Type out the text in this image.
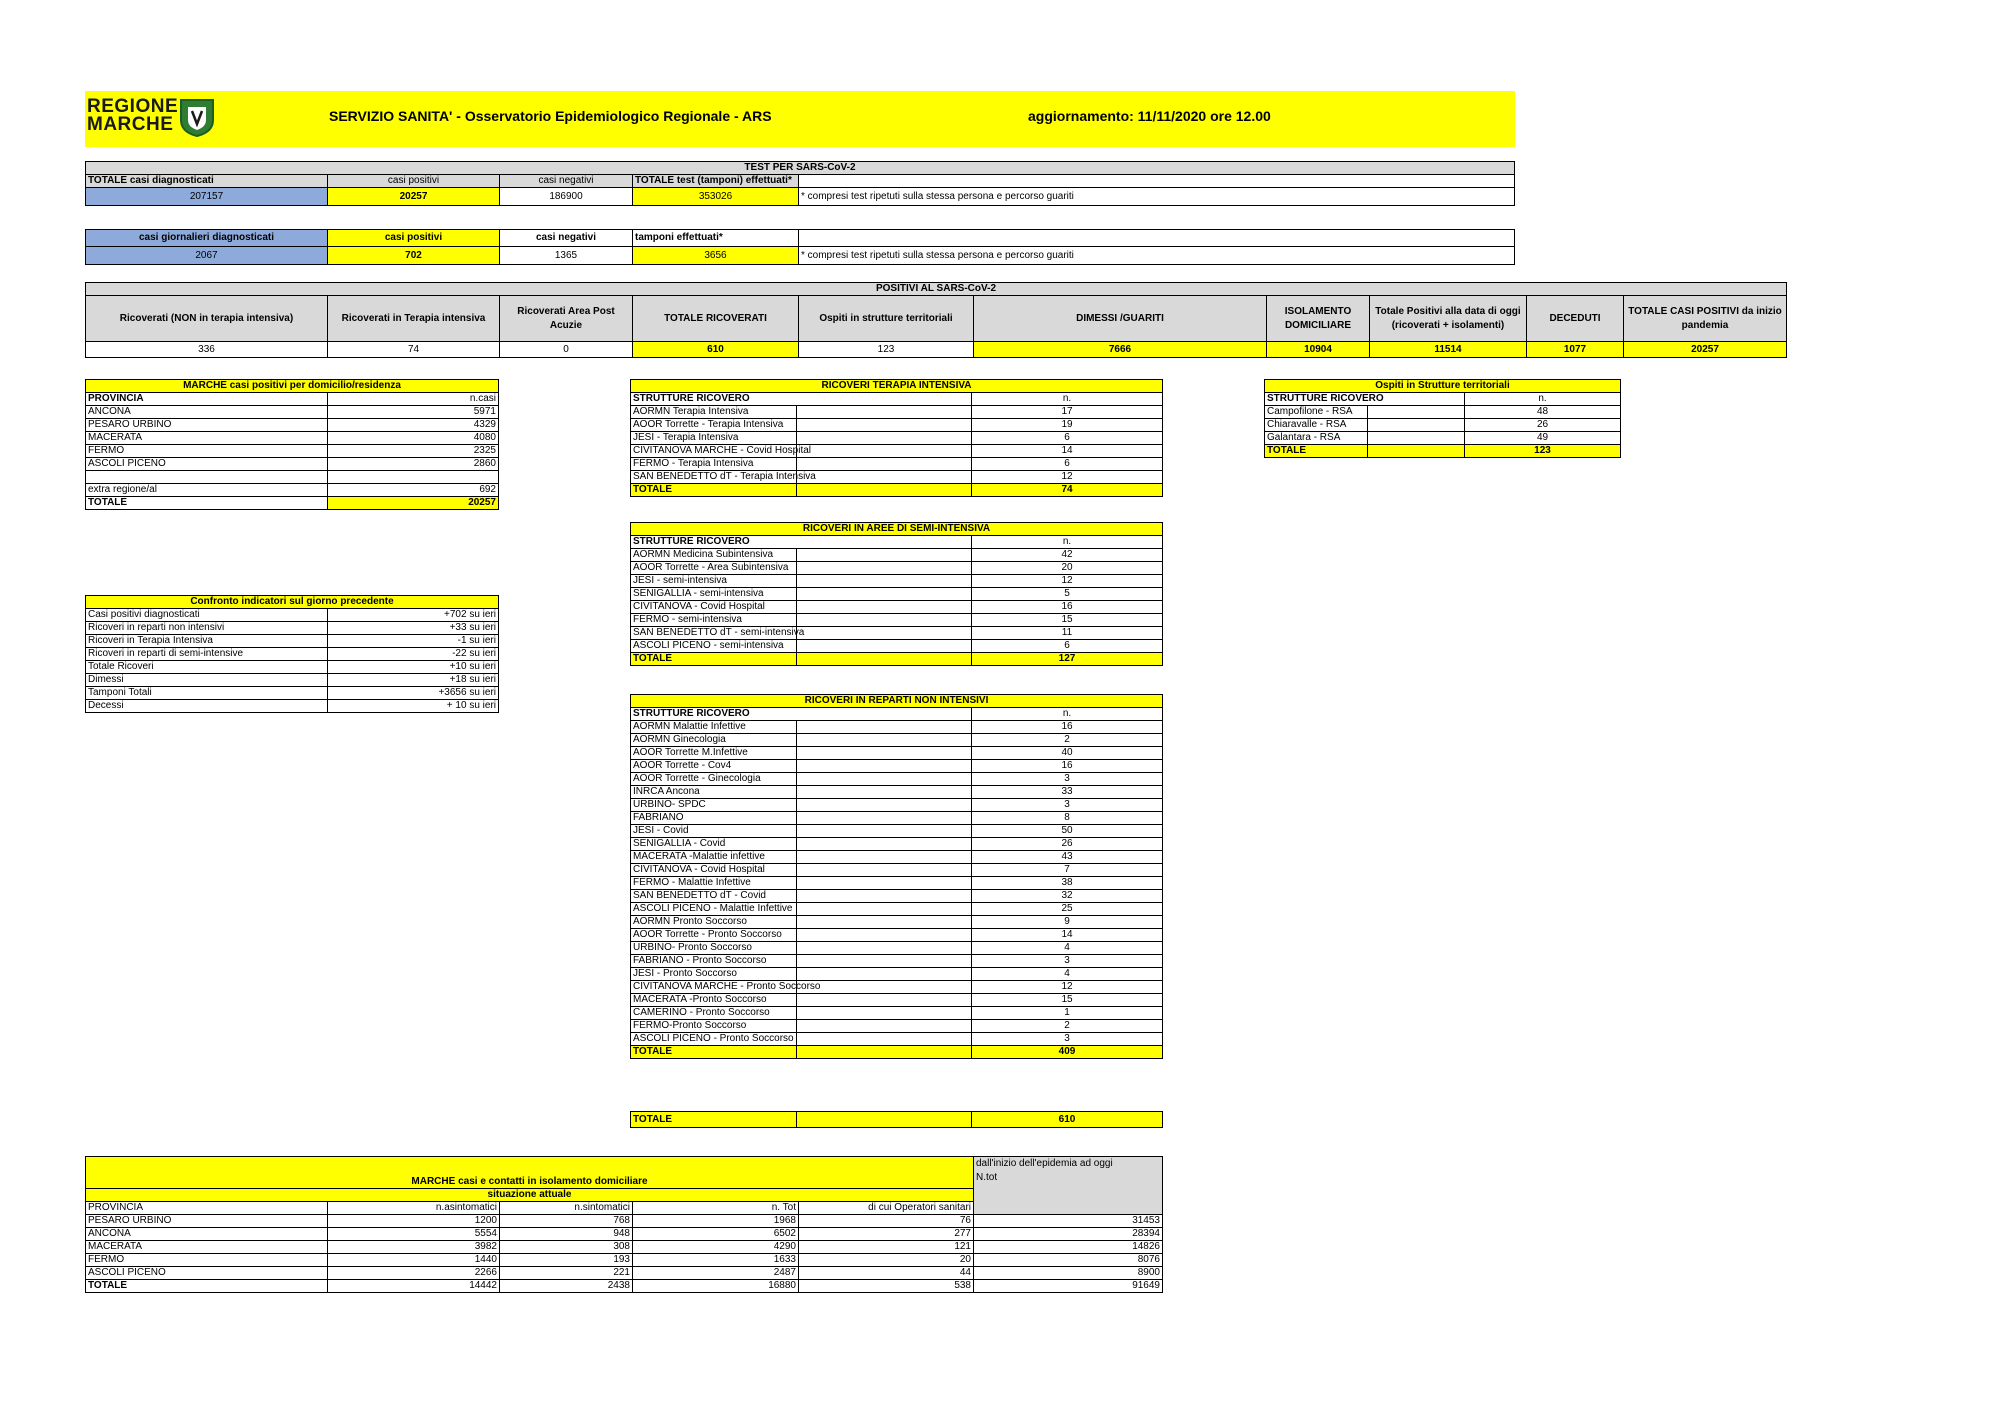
REGIONE
MARCHE	SERVIZIO SANITA' - Osservatorio Epidemiologico Regionale - ARS	aggiornamento: 11/11/2020 ore 12.00
TEST PER SARS-CoV-2				
TOTALE casi diagnosticati	casi positivi	casi negativi	TOTALE test (tamponi) effettuati*	
207157	20257	186900	353026	* compresi test ripetuti sulla stessa persona e percorso guariti
casi giornalieri diagnosticati	casi positivi	casi negativi	tamponi effettuati*	
2067	702	1365	3656	* compresi test ripetuti sulla stessa persona e percorso guariti
POSITIVI AL SARS-CoV-2									
Ricoverati (NON in terapia intensiva)	Ricoverati in Terapia intensiva	Ricoverati Area Post Acuzie	TOTALE RICOVERATI	Ospiti in strutture territoriali	DIMESSI /GUARITI	ISOLAMENTO DOMICILIARE	Totale Positivi alla data di oggi (ricoverati + isolamenti)	DECEDUTI	TOTALE CASI POSITIVI da inizio pandemia
336	74	0	610	123	7666	10904	11514	1077	20257
MARCHE casi positivi per domicilio/residenza	
PROVINCIA	n.casi
ANCONA	5971
PESARO URBINO	4329
MACERATA	4080
FERMO	2325
ASCOLI PICENO	2860

extra regione/al	692
TOTALE	20257
Confronto indicatori sul giorno precedente	
Casi positivi diagnosticati	+702 su ieri
Ricoveri in reparti non intensivi	+33 su ieri
Ricoveri in Terapia Intensiva	-1 su ieri
Ricoveri in reparti di semi-intensive	-22 su ieri
Totale Ricoveri	+10 su ieri
Dimessi	+18 su ieri
Tamponi Totali	+3656 su ieri
Decessi	+ 10 su ieri
RICOVERI TERAPIA INTENSIVA		
STRUTTURE RICOVERO		n.
AORMN Terapia Intensiva		17
AOOR Torrette - Terapia Intensiva		19
JESI - Terapia Intensiva		6
CIVITANOVA MARCHE - Covid Hospital		14
FERMO - Terapia Intensiva		6
SAN BENEDETTO dT - Terapia Intensiva		12
TOTALE		74
RICOVERI IN AREE DI SEMI-INTENSIVA		
STRUTTURE RICOVERO		n.
AORMN Medicina Subintensiva		42
AOOR Torrette - Area Subintensiva		20
JESI - semi-intensiva		12
SENIGALLIA - semi-intensiva		5
CIVITANOVA - Covid Hospital		16
FERMO - semi-intensiva		15
SAN BENEDETTO dT - semi-intensiva		11
ASCOLI PICENO - semi-intensiva		6
TOTALE		127
RICOVERI IN REPARTI NON INTENSIVI		
STRUTTURE RICOVERO		n.
AORMN Malattie Infettive		16
AORMN Ginecologia		2
AOOR Torrette M.Infettive		40
AOOR Torrette - Cov4		16
AOOR Torrette - Ginecologia		3
INRCA Ancona		33
URBINO- SPDC		3
FABRIANO		8
JESI - Covid		50
SENIGALLIA - Covid		26
MACERATA -Malattie infettive		43
CIVITANOVA - Covid Hospital		7
FERMO - Malattie Infettive		38
SAN BENEDETTO dT - Covid		32
ASCOLI PICENO - Malattie Infettive		25
AORMN Pronto Soccorso		9
AOOR Torrette - Pronto Soccorso		14
URBINO- Pronto Soccorso		4
FABRIANO - Pronto Soccorso		3
JESI - Pronto Soccorso		4
CIVITANOVA MARCHE - Pronto Soccorso		12
MACERATA -Pronto Soccorso		15
CAMERINO - Pronto Soccorso		1
FERMO-Pronto Soccorso		2
ASCOLI PICENO - Pronto Soccorso		3
TOTALE		409
TOTALE		610
Ospiti in Strutture territoriali		
STRUTTURE RICOVERO		n.
Campofilone - RSA		48
Chiaravalle - RSA		26
Galantara - RSA		49
TOTALE		123
MARCHE casi e contatti in isolamento domiciliare					dall'inizio dell'epidemia ad oggi
N.tot

situazione attuale					
PROVINCIA	n.asintomatici	n.sintomatici	n. Tot	di cui Operatori sanitari	
PESARO URBINO	1200	768	1968	76	31453
ANCONA	5554	948	6502	277	28394
MACERATA	3982	308	4290	121	14826
FERMO	1440	193	1633	20	8076
ASCOLI PICENO	2266	221	2487	44	8900
TOTALE	14442	2438	16880	538	91649
